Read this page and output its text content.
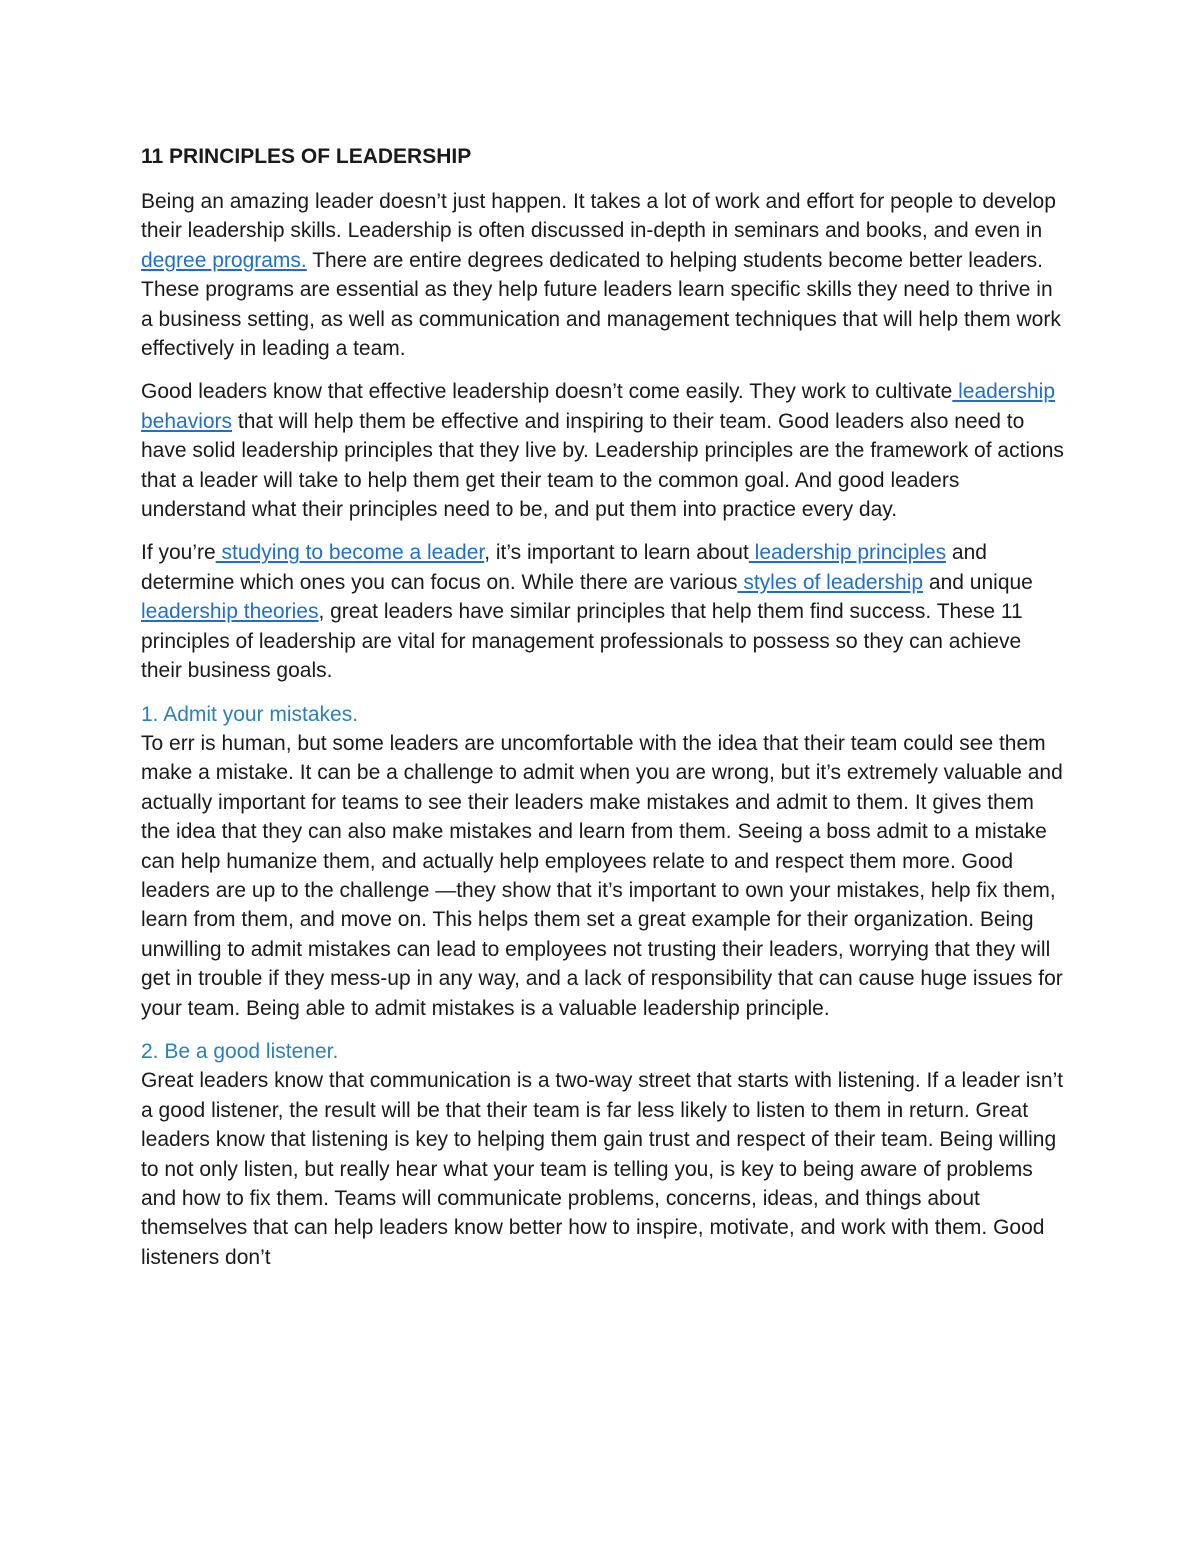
11 PRINCIPLES OF LEADERSHIP

Being an amazing leader doesn’t just happen. It takes a lot of work and effort for people to develop their leadership skills. Leadership is often discussed in-depth in seminars and books, and even in degree programs. There are entire degrees dedicated to helping students become better leaders. These programs are essential as they help future leaders learn specific skills they need to thrive in a business setting, as well as communication and management techniques that will help them work effectively in leading a team.

Good leaders know that effective leadership doesn’t come easily. They work to cultivate leadership behaviors that will help them be effective and inspiring to their team. Good leaders also need to have solid leadership principles that they live by. Leadership principles are the framework of actions that a leader will take to help them get their team to the common goal. And good leaders understand what their principles need to be, and put them into practice every day.

If you’re studying to become a leader, it’s important to learn about leadership principles and determine which ones you can focus on. While there are various styles of leadership and unique leadership theories, great leaders have similar principles that help them find success. These 11 principles of leadership are vital for management professionals to possess so they can achieve their business goals.

1. Admit your mistakes.

To err is human, but some leaders are uncomfortable with the idea that their team could see them make a mistake. It can be a challenge to admit when you are wrong, but it’s extremely valuable and actually important for teams to see their leaders make mistakes and admit to them. It gives them the idea that they can also make mistakes and learn from them. Seeing a boss admit to a mistake can help humanize them, and actually help employees relate to and respect them more. Good leaders are up to the challenge —they show that it’s important to own your mistakes, help fix them, learn from them, and move on. This helps them set a great example for their organization. Being unwilling to admit mistakes can lead to employees not trusting their leaders, worrying that they will get in trouble if they mess-up in any way, and a lack of responsibility that can cause huge issues for your team. Being able to admit mistakes is a valuable leadership principle.

2. Be a good listener.

Great leaders know that communication is a two-way street that starts with listening. If a leader isn’t a good listener, the result will be that their team is far less likely to listen to them in return. Great leaders know that listening is key to helping them gain trust and respect of their team. Being willing to not only listen, but really hear what your team is telling you, is key to being aware of problems and how to fix them. Teams will communicate problems, concerns, ideas, and things about themselves that can help leaders know better how to inspire, motivate, and work with them. Good listeners don’t
